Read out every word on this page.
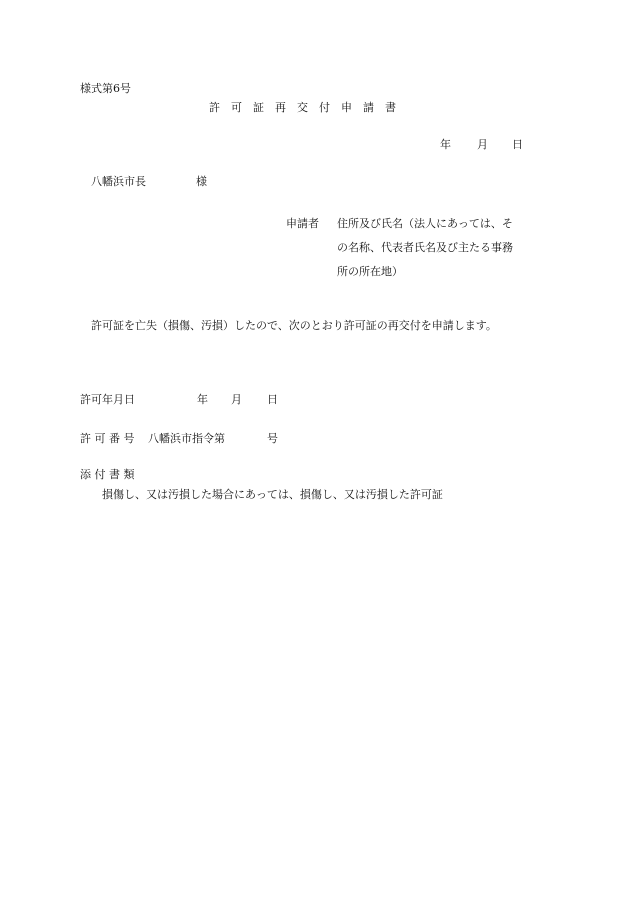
様式第6号
許　可　証　再　交　付　申　請　書
年 月 日
八幡浜市長	様
申請者 住所及び氏名（法人にあっては、そ
の名称、代表者氏名及び主たる事務
所の所在地）
許可証を亡失（損傷、汚損）したので、次のとおり許可証の再交付を申請します。
許可年月日	年 月 日
許 可 番 号 八幡浜市指令第	号
添 付 書 類
損傷し、又は汚損した場合にあっては、損傷し、又は汚損した許可証
